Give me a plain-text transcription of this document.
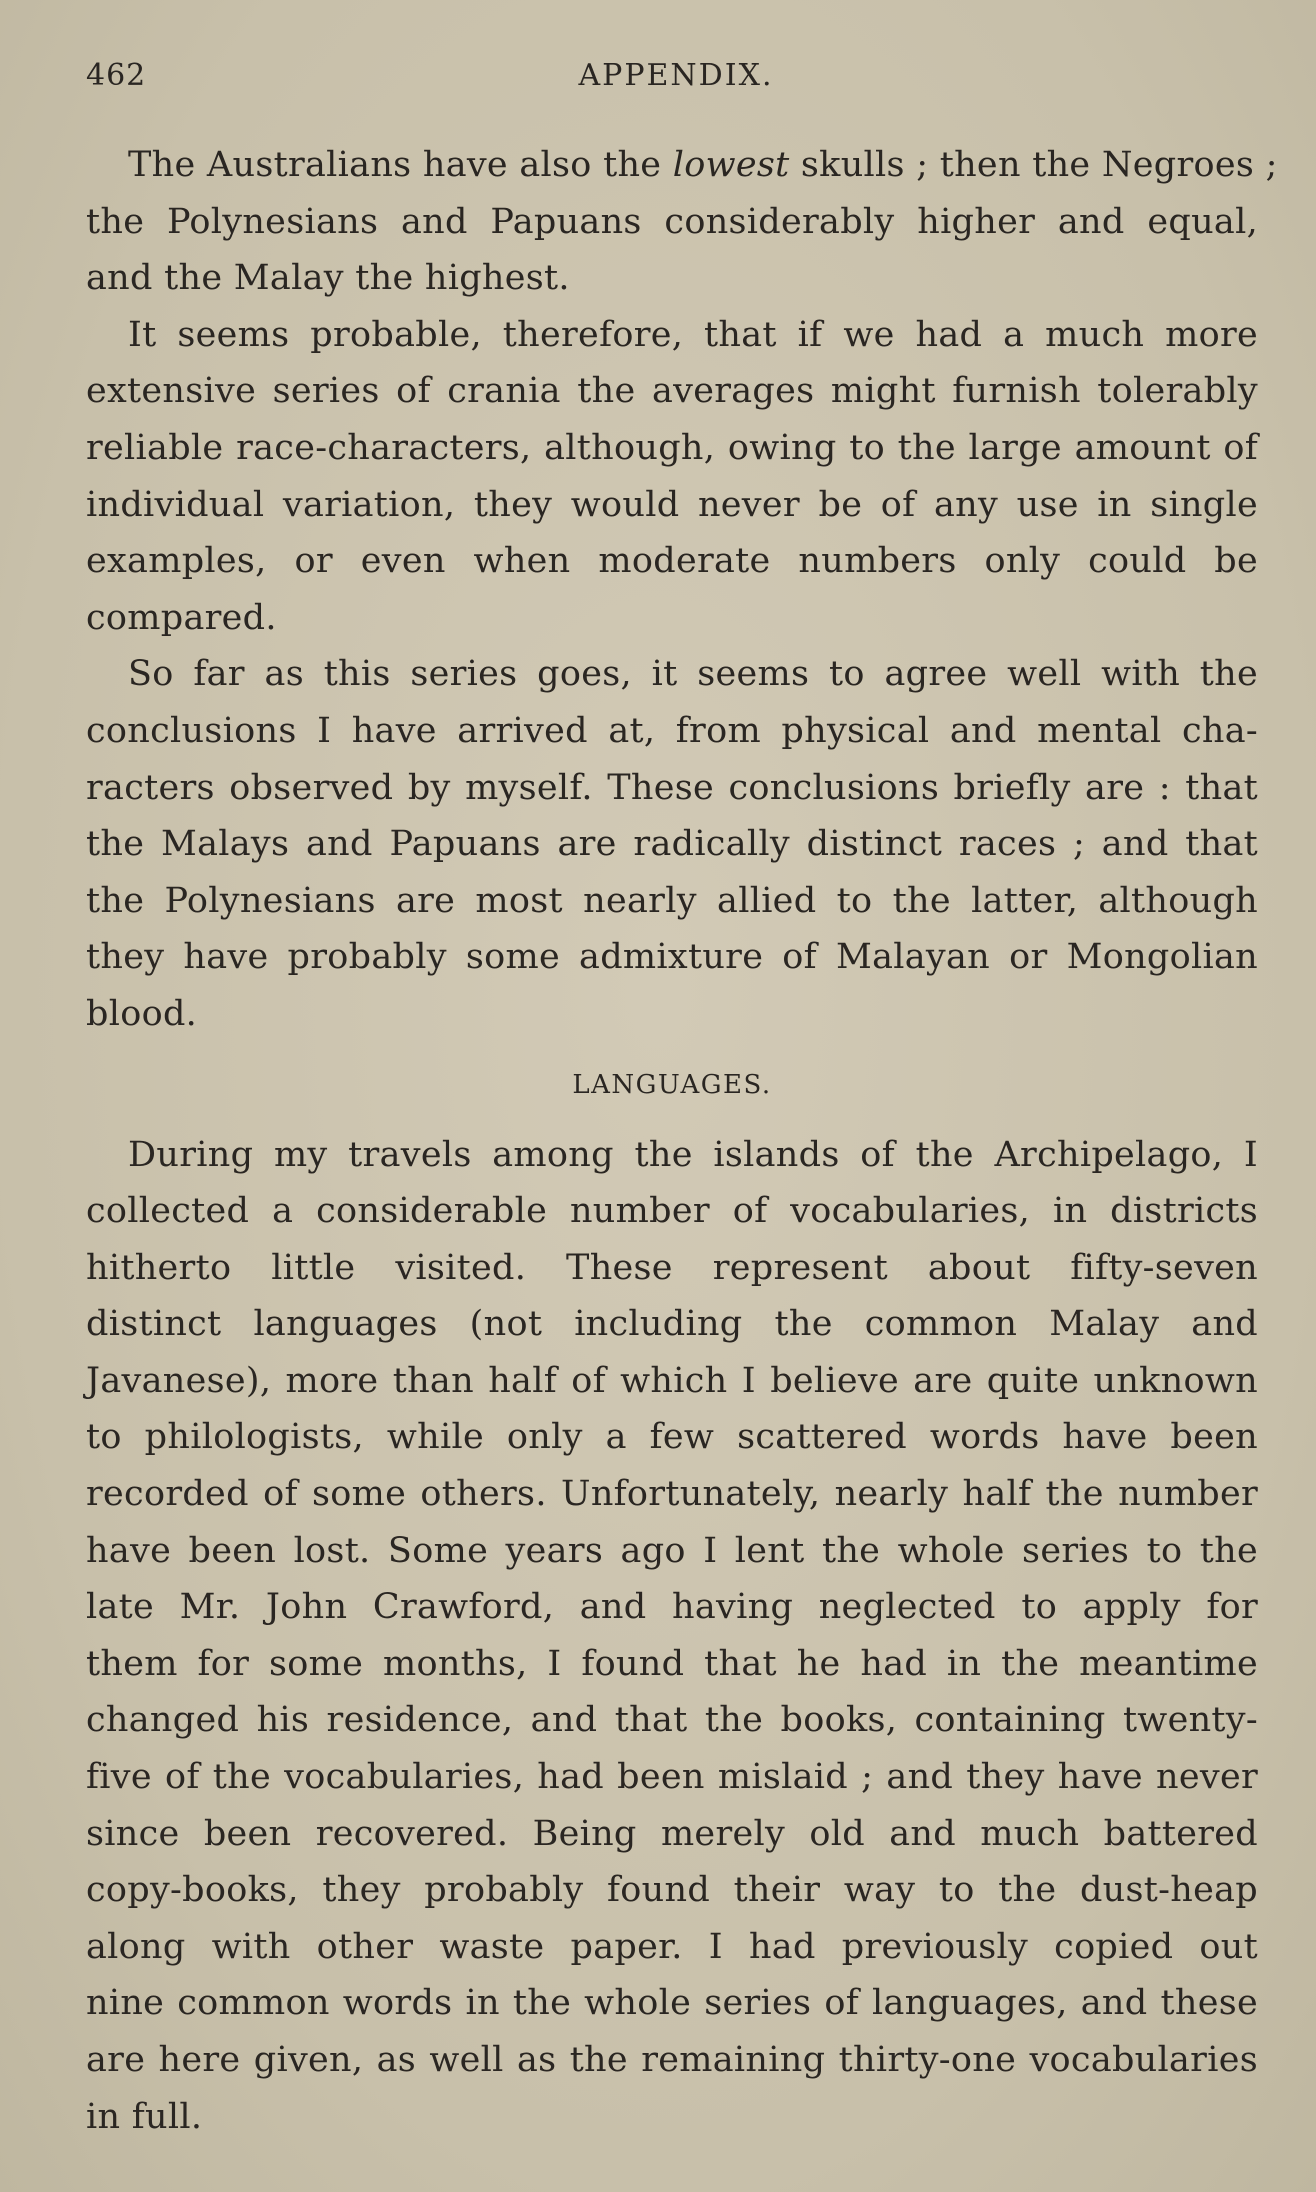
462	APPENDIX.
The Australians have also the lowest skulls ; then the Negroes ;
the Polynesians and Papuans considerably higher and equal,
and the Malay the highest.
It seems probable, therefore, that if we had a much more
extensive series of crania the averages might furnish tolerably
reliable race-characters, although, owing to the large amount of
individual variation, they would never be of any use in single
examples, or even when moderate numbers only could be
compared.
So far as this series goes, it seems to agree well with the
conclusions I have arrived at, from physical and mental cha-
racters observed by myself. These conclusions briefly are : that
the Malays and Papuans are radically distinct races ; and that
the Polynesians are most nearly allied to the latter, although
they have probably some admixture of Malayan or Mongolian
blood.
LANGUAGES.
During my travels among the islands of the Archipelago, I
collected a considerable number of vocabularies, in districts
hitherto little visited. These represent about fifty-seven
distinct languages (not including the common Malay and
Javanese), more than half of which I believe are quite unknown
to philologists, while only a few scattered words have been
recorded of some others. Unfortunately, nearly half the number
have been lost. Some years ago I lent the whole series to the
late Mr. John Crawford, and having neglected to apply for
them for some months, I found that he had in the meantime
changed his residence, and that the books, containing twenty-
five of the vocabularies, had been mislaid ; and they have never
since been recovered. Being merely old and much battered
copy-books, they probably found their way to the dust-heap
along with other waste paper. I had previously copied out
nine common words in the whole series of languages, and these
are here given, as well as the remaining thirty-one vocabularies
in full.
